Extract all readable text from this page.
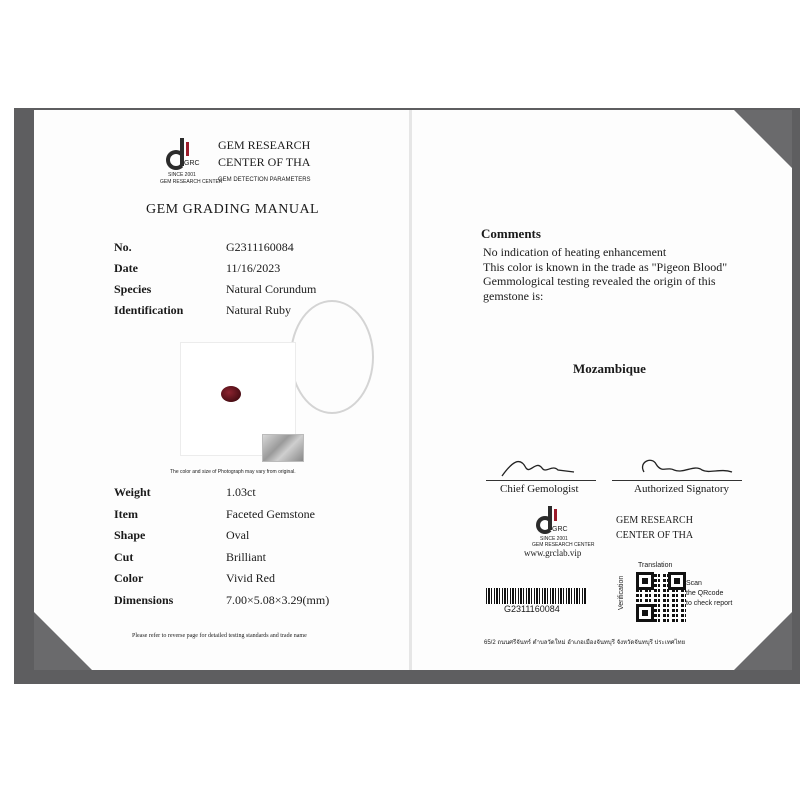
GRC
SINCE 2001
GEM RESEARCH CENTER
GEM RESEARCH
CENTER OF THA
GEM DETECTION PARAMETERS
GEM GRADING MANUAL
No.	G2311160084
Date	11/16/2023
Species	Natural Corundum
Identification	Natural Ruby
The color and size of Photograph may vary from original.
Weight	1.03ct
Item	Faceted Gemstone
Shape	Oval
Cut	Brilliant
Color	Vivid Red
Dimensions	7.00×5.08×3.29(mm)
Please refer to reverse page for detailed testing standards and trade name
Comments
No indication of heating enhancement
This color is known in the trade as "Pigeon Blood"
Gemmological testing revealed the origin of this
gemstone is:
Mozambique
Chief Gemologist	Authorized Signatory
GRC
SINCE 2001
GEM RESEARCH CENTER
www.grclab.vip
GEM RESEARCH
CENTER OF THA
G2311160084	Verification
Translation
Scan
the QRcode
to check report
65/2 ถนนศรีจันทร์ ตำบลวัดใหม่ อำเภอเมืองจันทบุรี จังหวัดจันทบุรี ประเทศไทย
